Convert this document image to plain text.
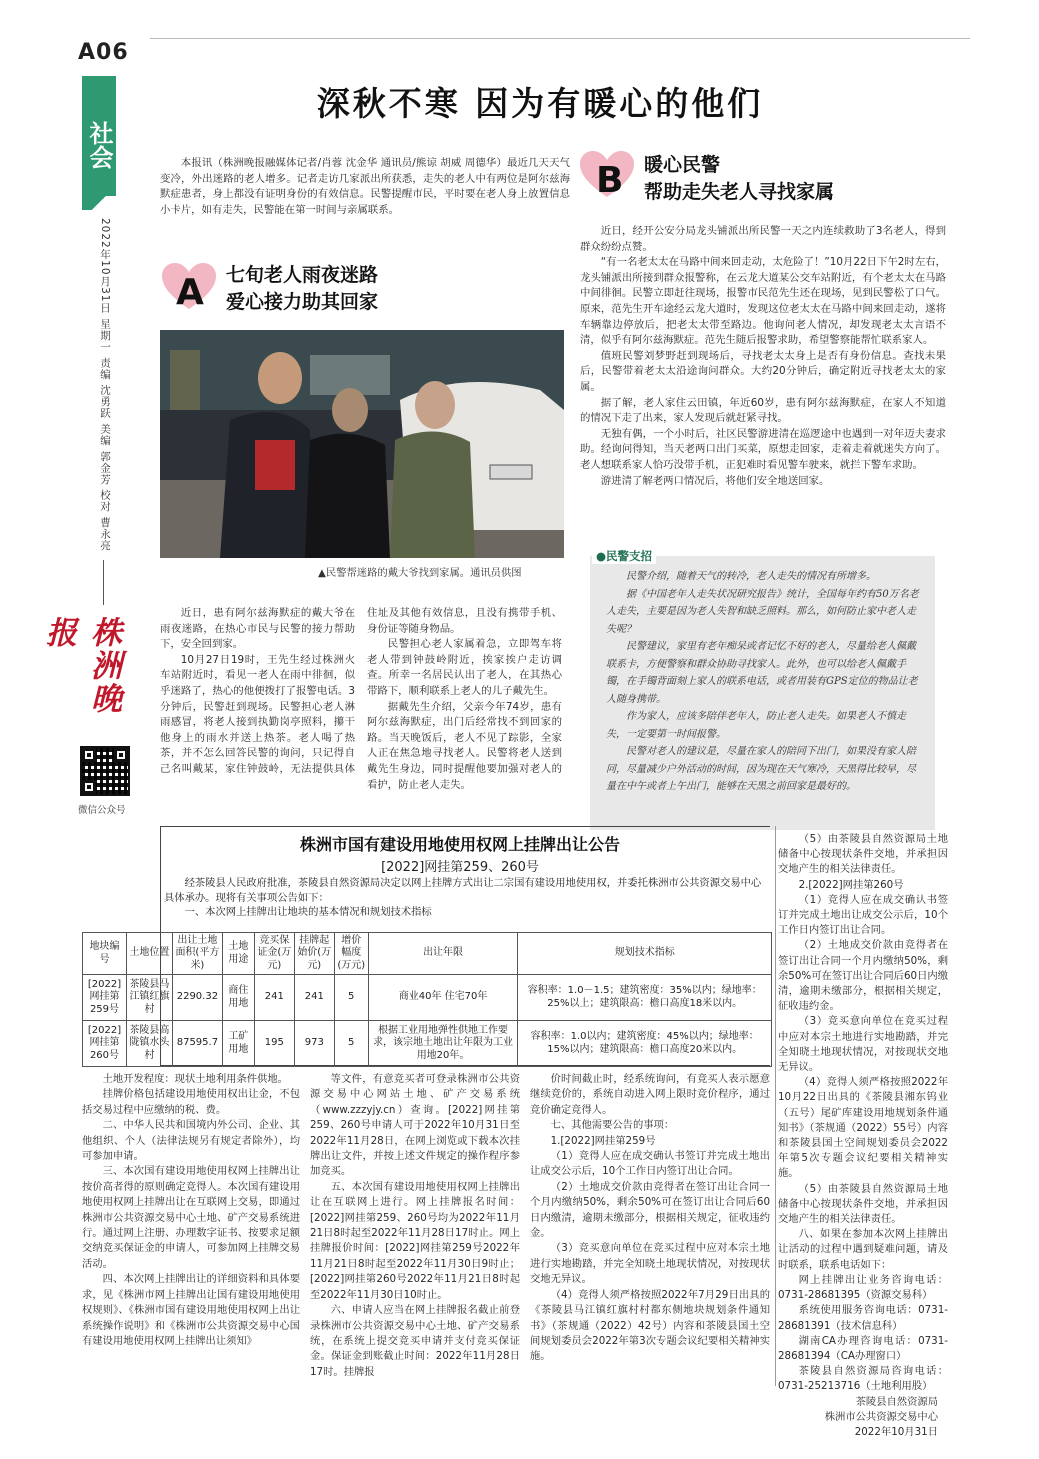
A06
社会
2022年10月31日 星期一 责编 沈勇跃 美编 郭金芳 校对 曹永亮
株洲晚报
微信公众号
深秋不寒 因为有暖心的他们

本报讯（株洲晚报融媒体记者/肖蓉 沈金华 通讯员/熊谅 胡威 周德华）最近几天天气变冷，外出迷路的老人增多。记者走访几家派出所获悉，走失的老人中有两位是阿尔兹海默症患者，身上都没有证明身份的有效信息。民警提醒市民，平时要在老人身上放置信息小卡片，如有走失，民警能在第一时间与亲属联系。

A 七旬老人雨夜迷路
爱心接力助其回家
▲民警帮迷路的戴大爷找到家属。通讯员供图

近日，患有阿尔兹海默症的戴大爷在雨夜迷路，在热心市民与民警的接力帮助下，安全回到家。

10月27日19时，王先生经过株洲火车站附近时，看见一老人在雨中徘徊，似乎迷路了，热心的他便拨打了报警电话。3分钟后，民警赶到现场。民警担心老人淋雨感冒，将老人接到执勤岗亭照料，攥干他身上的雨水并送上热茶。老人喝了热茶，并不怎么回答民警的询问，只记得自己名叫戴某，家住钟鼓岭，无法提供具体住址及其他有效信息，且没有携带手机、身份证等随身物品。

民警担心老人家属着急，立即驾车将老人带到钟鼓岭附近，挨家挨户走访调查。所幸一名居民认出了老人，在其热心带路下，顺利联系上老人的儿子戴先生。

据戴先生介绍，父亲今年74岁，患有阿尔兹海默症，出门后经常找不到回家的路。当天晚饭后，老人不见了踪影，全家人正在焦急地寻找老人。民警将老人送到戴先生身边，同时提醒他要加强对老人的看护，防止老人走失。

B 暖心民警
帮助走失老人寻找家属

近日，经开公安分局龙头铺派出所民警一天之内连续救助了3名老人，得到群众纷纷点赞。

“有一名老太太在马路中间来回走动，太危险了！”10月22日下午2时左右，龙头铺派出所接到群众报警称，在云龙大道某公交车站附近，有个老太太在马路中间徘徊。民警立即赶往现场，报警市民范先生还在现场，见到民警松了口气。原来，范先生开车途经云龙大道时，发现这位老太太在马路中间来回走动，遂将车辆靠边停放后，把老太太带至路边。他询问老人情况，却发现老太太言语不清，似乎有阿尔兹海默症。范先生随后报警求助，希望警察能帮忙联系家人。

值班民警刘梦野赶到现场后，寻找老太太身上是否有身份信息。查找未果后，民警带着老太太沿途询问群众。大约20分钟后，确定附近寻找老太太的家属。

据了解，老人家住云田镇，年近60岁，患有阿尔兹海默症，在家人不知道的情况下走了出来，家人发现后就赶紧寻找。

无独有偶，一个小时后，社区民警游进清在巡逻途中也遇到一对年迈夫妻求助。经询问得知，当天老两口出门买菜，原想走回家，走着走着就迷失方向了。老人想联系家人恰巧没带手机，正犯难时看见警车驶来，就拦下警车求助。

游进清了解老两口情况后，将他们安全地送回家。

●民警支招

民警介绍，随着天气的转冷，老人走失的情况有所增多。

据《中国老年人走失状况研究报告》统计，全国每年约有50万名老人走失，主要是因为老人失智和缺乏照料。那么，如何防止家中老人走失呢？

民警建议，家里有老年痴呆或者记忆不好的老人，尽量给老人佩戴联系卡，方便警察和群众协助寻找家人。此外，也可以给老人佩戴手镯，在手镯背面刻上家人的联系电话，或者用装有GPS定位的物品让老人随身携带。

作为家人，应该多陪伴老年人，防止老人走失。如果老人不慎走失，一定要第一时间报警。

民警对老人的建议是，尽量在家人的陪同下出门，如果没有家人陪同，尽量减少户外活动的时间，因为现在天气寒冷，天黑得比较早，尽量在中午或者上午出门，能够在天黑之前回家是最好的。

株洲市国有建设用地使用权网上挂牌出让公告
[2022]网挂第259、260号

经茶陵县人民政府批准，茶陵县自然资源局决定以网上挂牌方式出让二宗国有建设用地使用权，并委托株洲市公共资源交易中心具体承办。现将有关事项公告如下：

一、本次网上挂牌出让地块的基本情况和规划技术指标

地块编号	土地位置	出让土地面积(平方米)	土地用途	竞买保证金(万元)	挂牌起始价(万元)	增价幅度(万元)	出让年限	规划技术指标
[2022]网挂第259号	茶陵县马江镇红旗村	2290.32	商住用地	241	241	5	商业40年 住宅70年	容积率：1.0－1.5；建筑密度：35%以内；绿地率：25%以上；建筑限高：檐口高度18米以内。
[2022]网挂第260号	茶陵县高陇镇水头村	87595.7	工矿用地	195	973	5	根据工业用地弹性供地工作要求，该宗地土地出让年限为工业用地20年。	容积率：1.0以内；建筑密度：45%以内；绿地率：15%以内；建筑限高：檐口高度20米以内。

土地开发程度：现状土地利用条件供地。

挂牌价格包括建设用地使用权出让金，不包括交易过程中应缴纳的税、费。

二、中华人民共和国境内外公司、企业、其他组织、个人（法律法规另有规定者除外），均可参加申请。

三、本次国有建设用地使用权网上挂牌出让按价高者得的原则确定竞得人。本次国有建设用地使用权网上挂牌出让在互联网上交易，即通过株洲市公共资源交易中心土地、矿产交易系统进行。通过网上注册、办理数字证书、按要求足额交纳竞买保证金的申请人，可参加网上挂牌交易活动。

四、本次网上挂牌出让的详细资料和具体要求，见《株洲市网上挂牌出让国有建设用地使用权规则》、《株洲市国有建设用地使用权网上出让系统操作说明》和《株洲市公共资源交易中心国有建设用地使用权网上挂牌出让须知》

等文件，有意竞买者可登录株洲市公共资源交易中心网站土地、矿产交易系统（www.zzzyjy.cn）查询。[2022]网挂第259、260号申请人可于2022年10月31日至2022年11月28日，在网上浏览或下载本次挂牌出让文件，并按上述文件规定的操作程序参加竞买。

五、本次国有建设用地使用权网上挂牌出让在互联网上进行。网上挂牌报名时间：[2022]网挂第259、260号均为2022年11月21日8时起至2022年11月28日17时止。网上挂牌报价时间：[2022]网挂第259号2022年11月21日8时起至2022年11月30日9时止；[2022]网挂第260号2022年11月21日8时起至2022年11月30日10时止。

六、申请人应当在网上挂牌报名截止前登录株洲市公共资源交易中心土地、矿产交易系统，在系统上提交竞买申请并支付竞买保证金。保证金到账截止时间：2022年11月28日17时。挂牌报

价时间截止时，经系统询问，有竞买人表示愿意继续竞价的，系统自动进入网上限时竞价程序，通过竞价确定竞得人。

七、其他需要公告的事项：

1.[2022]网挂第259号

（1）竞得人应在成交确认书签订并完成土地出让成交公示后，10个工作日内签订出让合同。

（2）土地成交价款由竞得者在签订出让合同一个月内缴纳50%，剩余50%可在签订出让合同后60日内缴清，逾期未缴部分，根据相关规定，征收违约金。

（3）竞买意向单位在竞买过程中应对本宗土地进行实地勘踏，并完全知晓土地现状情况，对按现状交地无异议。

（4）竞得人须严格按照2022年7月29日出具的《茶陵县马江镇红旗村村都东侧地块规划条件通知书》（茶规通（2022）42号）内容和茶陵县国土空间规划委员会2022年第3次专题会议纪要相关精神实施。

（5）由茶陵县自然资源局土地储备中心按现状条件交地，并承担因交地产生的相关法律责任。

2.[2022]网挂第260号

（1）竞得人应在成交确认书签订并完成土地出让成交公示后，10个工作日内签订出让合同。

（2）土地成交价款由竞得者在签订出让合同一个月内缴纳50%，剩余50%可在签订出让合同后60日内缴清，逾期未缴部分，根据相关规定，征收违约金。

（3）竞买意向单位在竞买过程中应对本宗土地进行实地勘踏，并完全知晓土地现状情况，对按现状交地无异议。

（4）竞得人须严格按照2022年10月22日出具的《茶陵县湘东钨业（五号）尾矿库建设用地规划条件通知书》（茶规通（2022）55号）内容和茶陵县国土空间规划委员会2022年第5次专题会议纪要相关精神实施。

（5）由茶陵县自然资源局土地储备中心按现状条件交地，并承担因交地产生的相关法律责任。

八、如果在参加本次网上挂牌出让活动的过程中遇到疑难问题，请及时联系，联系电话如下：

网上挂牌出让业务咨询电话：0731-28681395（资源交易科）
系统使用服务咨询电话：0731-28681391（技术信息科）
湖南CA办理咨询电话：0731-28681394（CA办理窗口）
茶陵县自然资源局咨询电话：0731-25213716（土地利用股）
茶陵县自然资源局
株洲市公共资源交易中心
2022年10月31日
